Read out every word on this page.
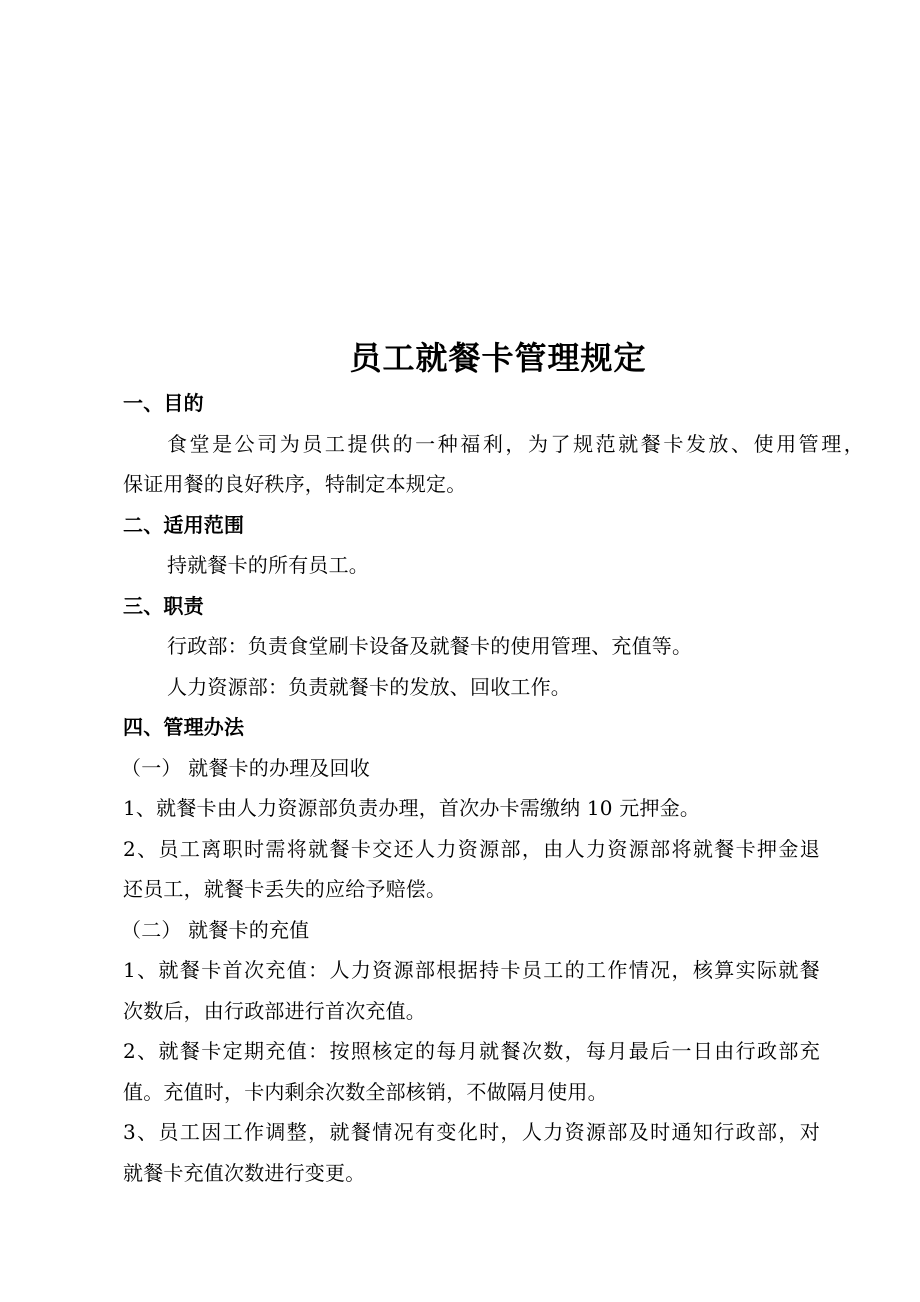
员工就餐卡管理规定
一、目的
食堂是公司为员工提供的一种福利，为了规范就餐卡发放、使用管理，
保证用餐的良好秩序，特制定本规定。
二、适用范围
持就餐卡的所有员工。
三、职责
行政部：负责食堂刷卡设备及就餐卡的使用管理、充值等。
人力资源部：负责就餐卡的发放、回收工作。
四、管理办法
（一） 就餐卡的办理及回收
1、就餐卡由人力资源部负责办理，首次办卡需缴纳 10 元押金。
2、员工离职时需将就餐卡交还人力资源部，由人力资源部将就餐卡押金退
还员工，就餐卡丢失的应给予赔偿。
（二） 就餐卡的充值
1、就餐卡首次充值：人力资源部根据持卡员工的工作情况，核算实际就餐
次数后，由行政部进行首次充值。
2、就餐卡定期充值：按照核定的每月就餐次数，每月最后一日由行政部充
值。充值时，卡内剩余次数全部核销，不做隔月使用。
3、员工因工作调整，就餐情况有变化时，人力资源部及时通知行政部，对
就餐卡充值次数进行变更。
